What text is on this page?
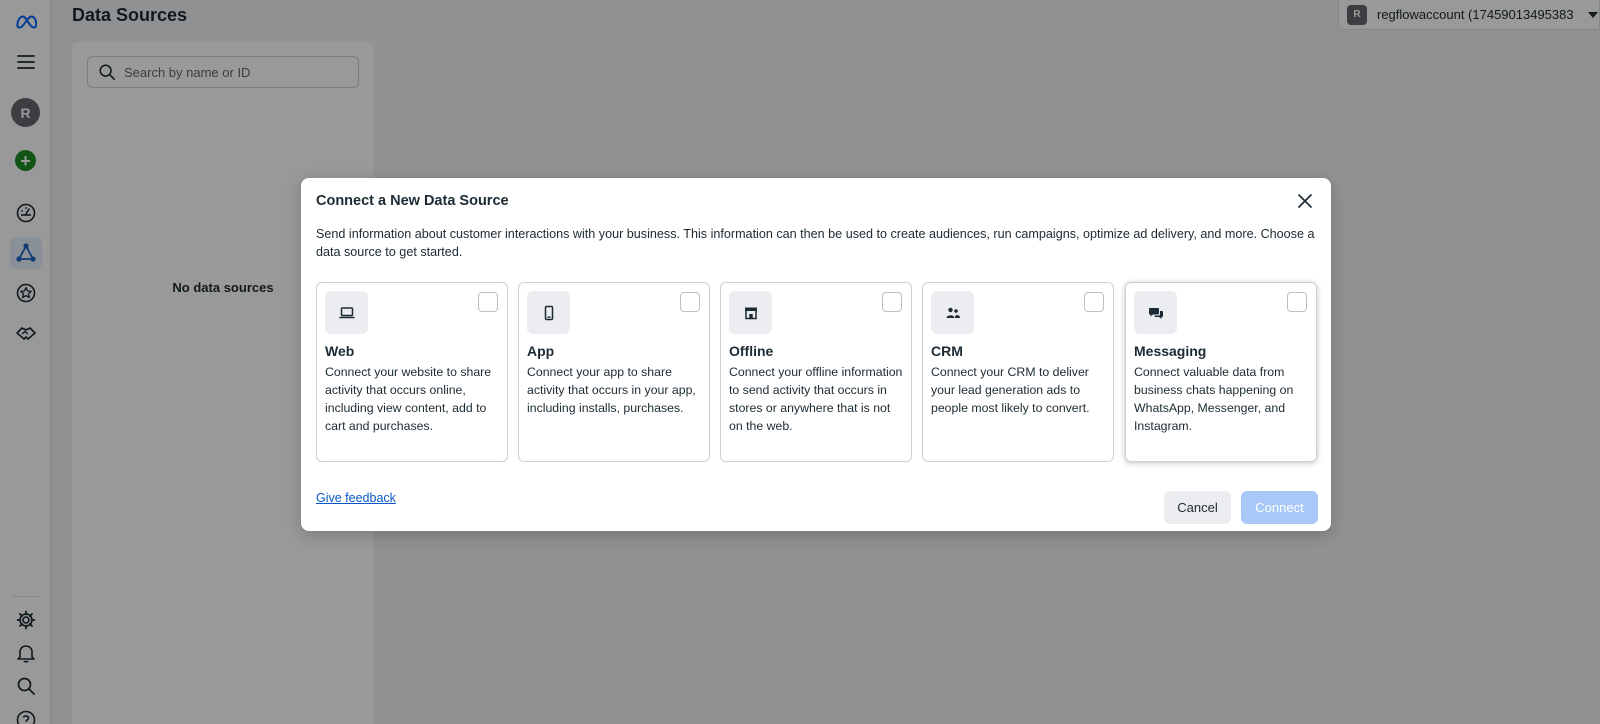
R
+
Data Sources
Search by name or ID
No data sources
R	regflowaccount (17459013495383
Connect a New Data Source
Send information about customer interactions with your business. This information can then be used to create audiences, run campaigns, optimize ad delivery, and more. Choose a data source to get started.
Web
Connect your website to share activity that occurs online, including view content, add to cart and purchases.
App
Connect your app to share activity that occurs in your app, including installs, purchases.
Offline
Connect your offline information to send activity that occurs in stores or anywhere that is not on the web.
CRM
Connect your CRM to deliver your lead generation ads to people most likely to convert.
Messaging
Connect valuable data from business chats happening on WhatsApp, Messenger, and Instagram.
Give feedback
Cancel	Connect
